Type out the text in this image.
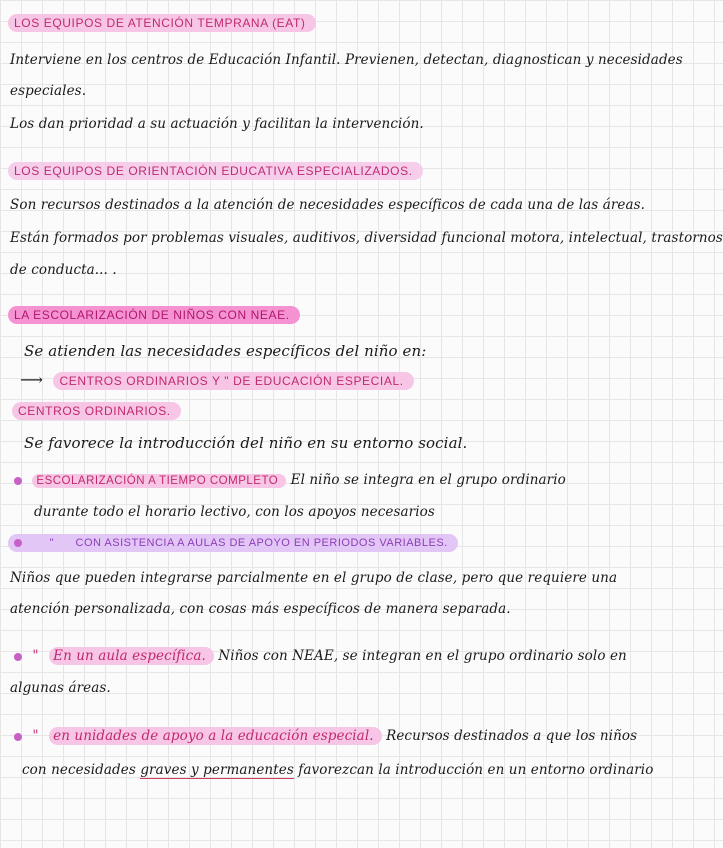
LOS EQUIPOS DE ATENCIÓN TEMPRANA (EAT)
Interviene en los centros de Educación Infantil. Previenen, detectan, diagnostican y necesidades
especiales.
Los dan prioridad a su actuación y facilitan la intervención.
LOS EQUIPOS DE ORIENTACIÓN EDUCATIVA ESPECIALIZADOS.
Son recursos destinados a la atención de necesidades específicos de cada una de las áreas.
Están formados por problemas visuales, auditivos, diversidad funcional motora, intelectual, trastornos
de conducta... .
LA ESCOLARIZACIÓN DE NIÑOS CON NEAE.
Se atienden las necesidades específicos del niño en:
⟶ CENTROS ORDINARIOS Y " DE EDUCACIÓN ESPECIAL.
CENTROS ORDINARIOS.
Se favorece la introducción del niño en su entorno social.
ESCOLARIZACIÓN A TIEMPO COMPLETO El niño se integra en el grupo ordinario
durante todo el horario lectivo, con los apoyos necesarios
" CON ASISTENCIA A AULAS DE APOYO EN PERIODOS VARIABLES.
Niños que pueden integrarse parcialmente en el grupo de clase, pero que requiere una
atención personalizada, con cosas más específicos de manera separada.
" En un aula específica. Niños con NEAE, se integran en el grupo ordinario solo en
algunas áreas.
" en unidades de apoyo a la educación especial. Recursos destinados a que los niños
con necesidades graves y permanentes favorezcan la introducción en un entorno ordinario
